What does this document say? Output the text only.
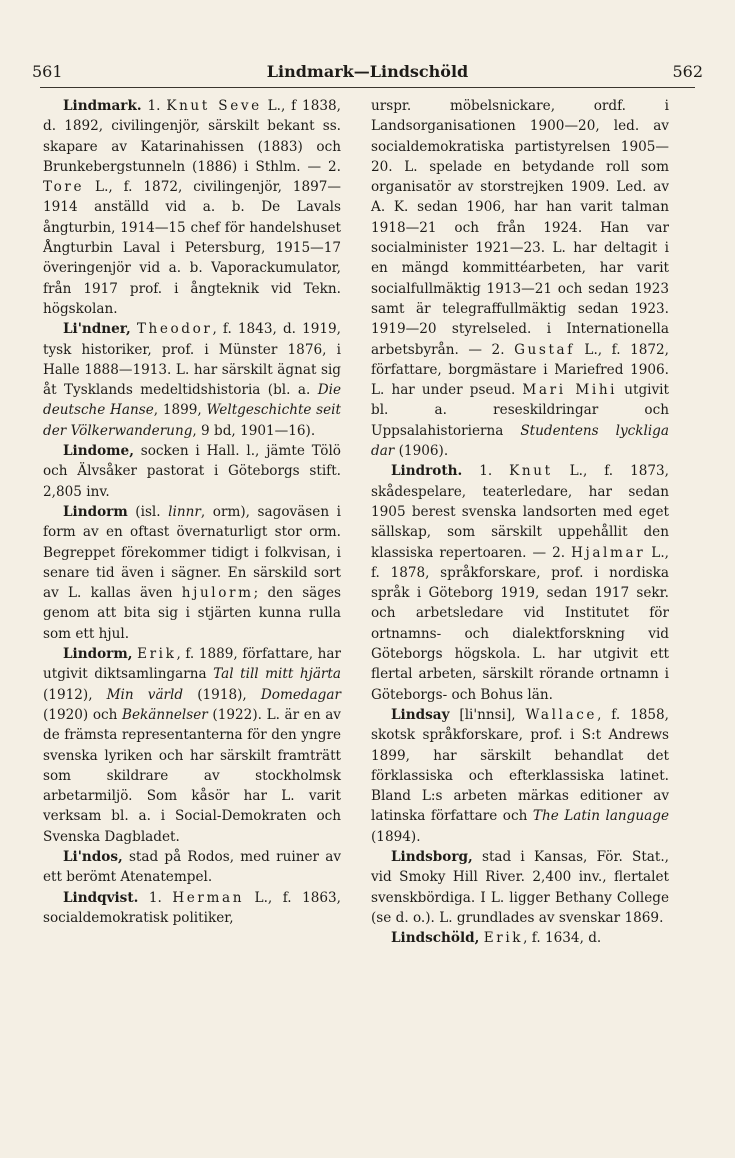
561	Lindmark—Lindschöld	562

Lindmark. 1. Knut Seve L., f 1838, d. 1892, civilingenjör, särskilt bekant ss. skapare av Katarinahissen (1883) och Brunkebergstunneln (1886) i Sthlm. — 2. Tore L., f. 1872, civilingenjör, 1897—1914 anställd vid a. b. De Lavals ångturbin, 1914—15 chef för handelshuset Ångturbin Laval i Petersburg, 1915—17 överingenjör vid a. b. Vaporackumulator, från 1917 prof. i ångteknik vid Tekn. högskolan.

Li'ndner, Theodor, f. 1843, d. 1919, tysk historiker, prof. i Münster 1876, i Halle 1888—1913. L. har särskilt ägnat sig åt Tysklands medeltidshistoria (bl. a. Die deutsche Hanse, 1899, Weltgeschichte seit der Völkerwanderung, 9 bd, 1901—16).

Lindome, socken i Hall. l., jämte Tölö och Älvsåker pastorat i Göteborgs stift. 2,805 inv.

Lindorm (isl. linnr, orm), sagoväsen i form av en oftast övernaturligt stor orm. Begreppet förekommer tidigt i folkvisan, i senare tid även i sägner. En särskild sort av L. kallas även hjulorm; den säges genom att bita sig i stjärten kunna rulla som ett hjul.

Lindorm, Erik, f. 1889, författare, har utgivit diktsamlingarna Tal till mitt hjärta (1912), Min värld (1918), Domedagar (1920) och Bekännelser (1922). L. är en av de främsta representanterna för den yngre svenska lyriken och har särskilt framträtt som skildrare av stockholmsk arbetarmiljö. Som kåsör har L. varit verksam bl. a. i Social-Demokraten och Svenska Dagbladet.

Li'ndos, stad på Rodos, med ruiner av ett berömt Atenatempel.

Lindqvist. 1. Herman L., f. 1863, socialdemokratisk politiker,

urspr. möbelsnickare, ordf. i Landsorganisationen 1900—20, led. av socialdemokratiska partistyrelsen 1905—20. L. spelade en betydande roll som organisatör av storstrejken 1909. Led. av A. K. sedan 1906, har han varit talman 1918—21 och från 1924. Han var socialminister 1921—23. L. har deltagit i en mängd kommittéarbeten, har varit socialfullmäktig 1913—21 och sedan 1923 samt är telegraffullmäktig sedan 1923. 1919—20 styrelseled. i Internationella arbetsbyrån. — 2. Gustaf L., f. 1872, författare, borgmästare i Mariefred 1906. L. har under pseud. Mari Mihi utgivit bl. a. reseskildringar och Uppsalahistorierna Studentens lyckliga dar (1906).

Lindroth. 1. Knut L., f. 1873, skådespelare, teaterledare, har sedan 1905 berest svenska landsorten med eget sällskap, som särskilt uppehållit den klassiska repertoaren. — 2. Hjalmar L., f. 1878, språkforskare, prof. i nordiska språk i Göteborg 1919, sedan 1917 sekr. och arbetsledare vid Institutet för ortnamns- och dialektforskning vid Göteborgs högskola. L. har utgivit ett flertal arbeten, särskilt rörande ortnamn i Göteborgs- och Bohus län.

Lindsay [li'nnsi], Wallace, f. 1858, skotsk språkforskare, prof. i S:t Andrews 1899, har särskilt behandlat det förklassiska och efterklassiska latinet. Bland L:s arbeten märkas editioner av latinska författare och The Latin language (1894).

Lindsborg, stad i Kansas, För. Stat., vid Smoky Hill River. 2,400 inv., flertalet svenskbördiga. I L. ligger Bethany College (se d. o.). L. grundlades av svenskar 1869.

Lindschöld, Erik, f. 1634, d.
